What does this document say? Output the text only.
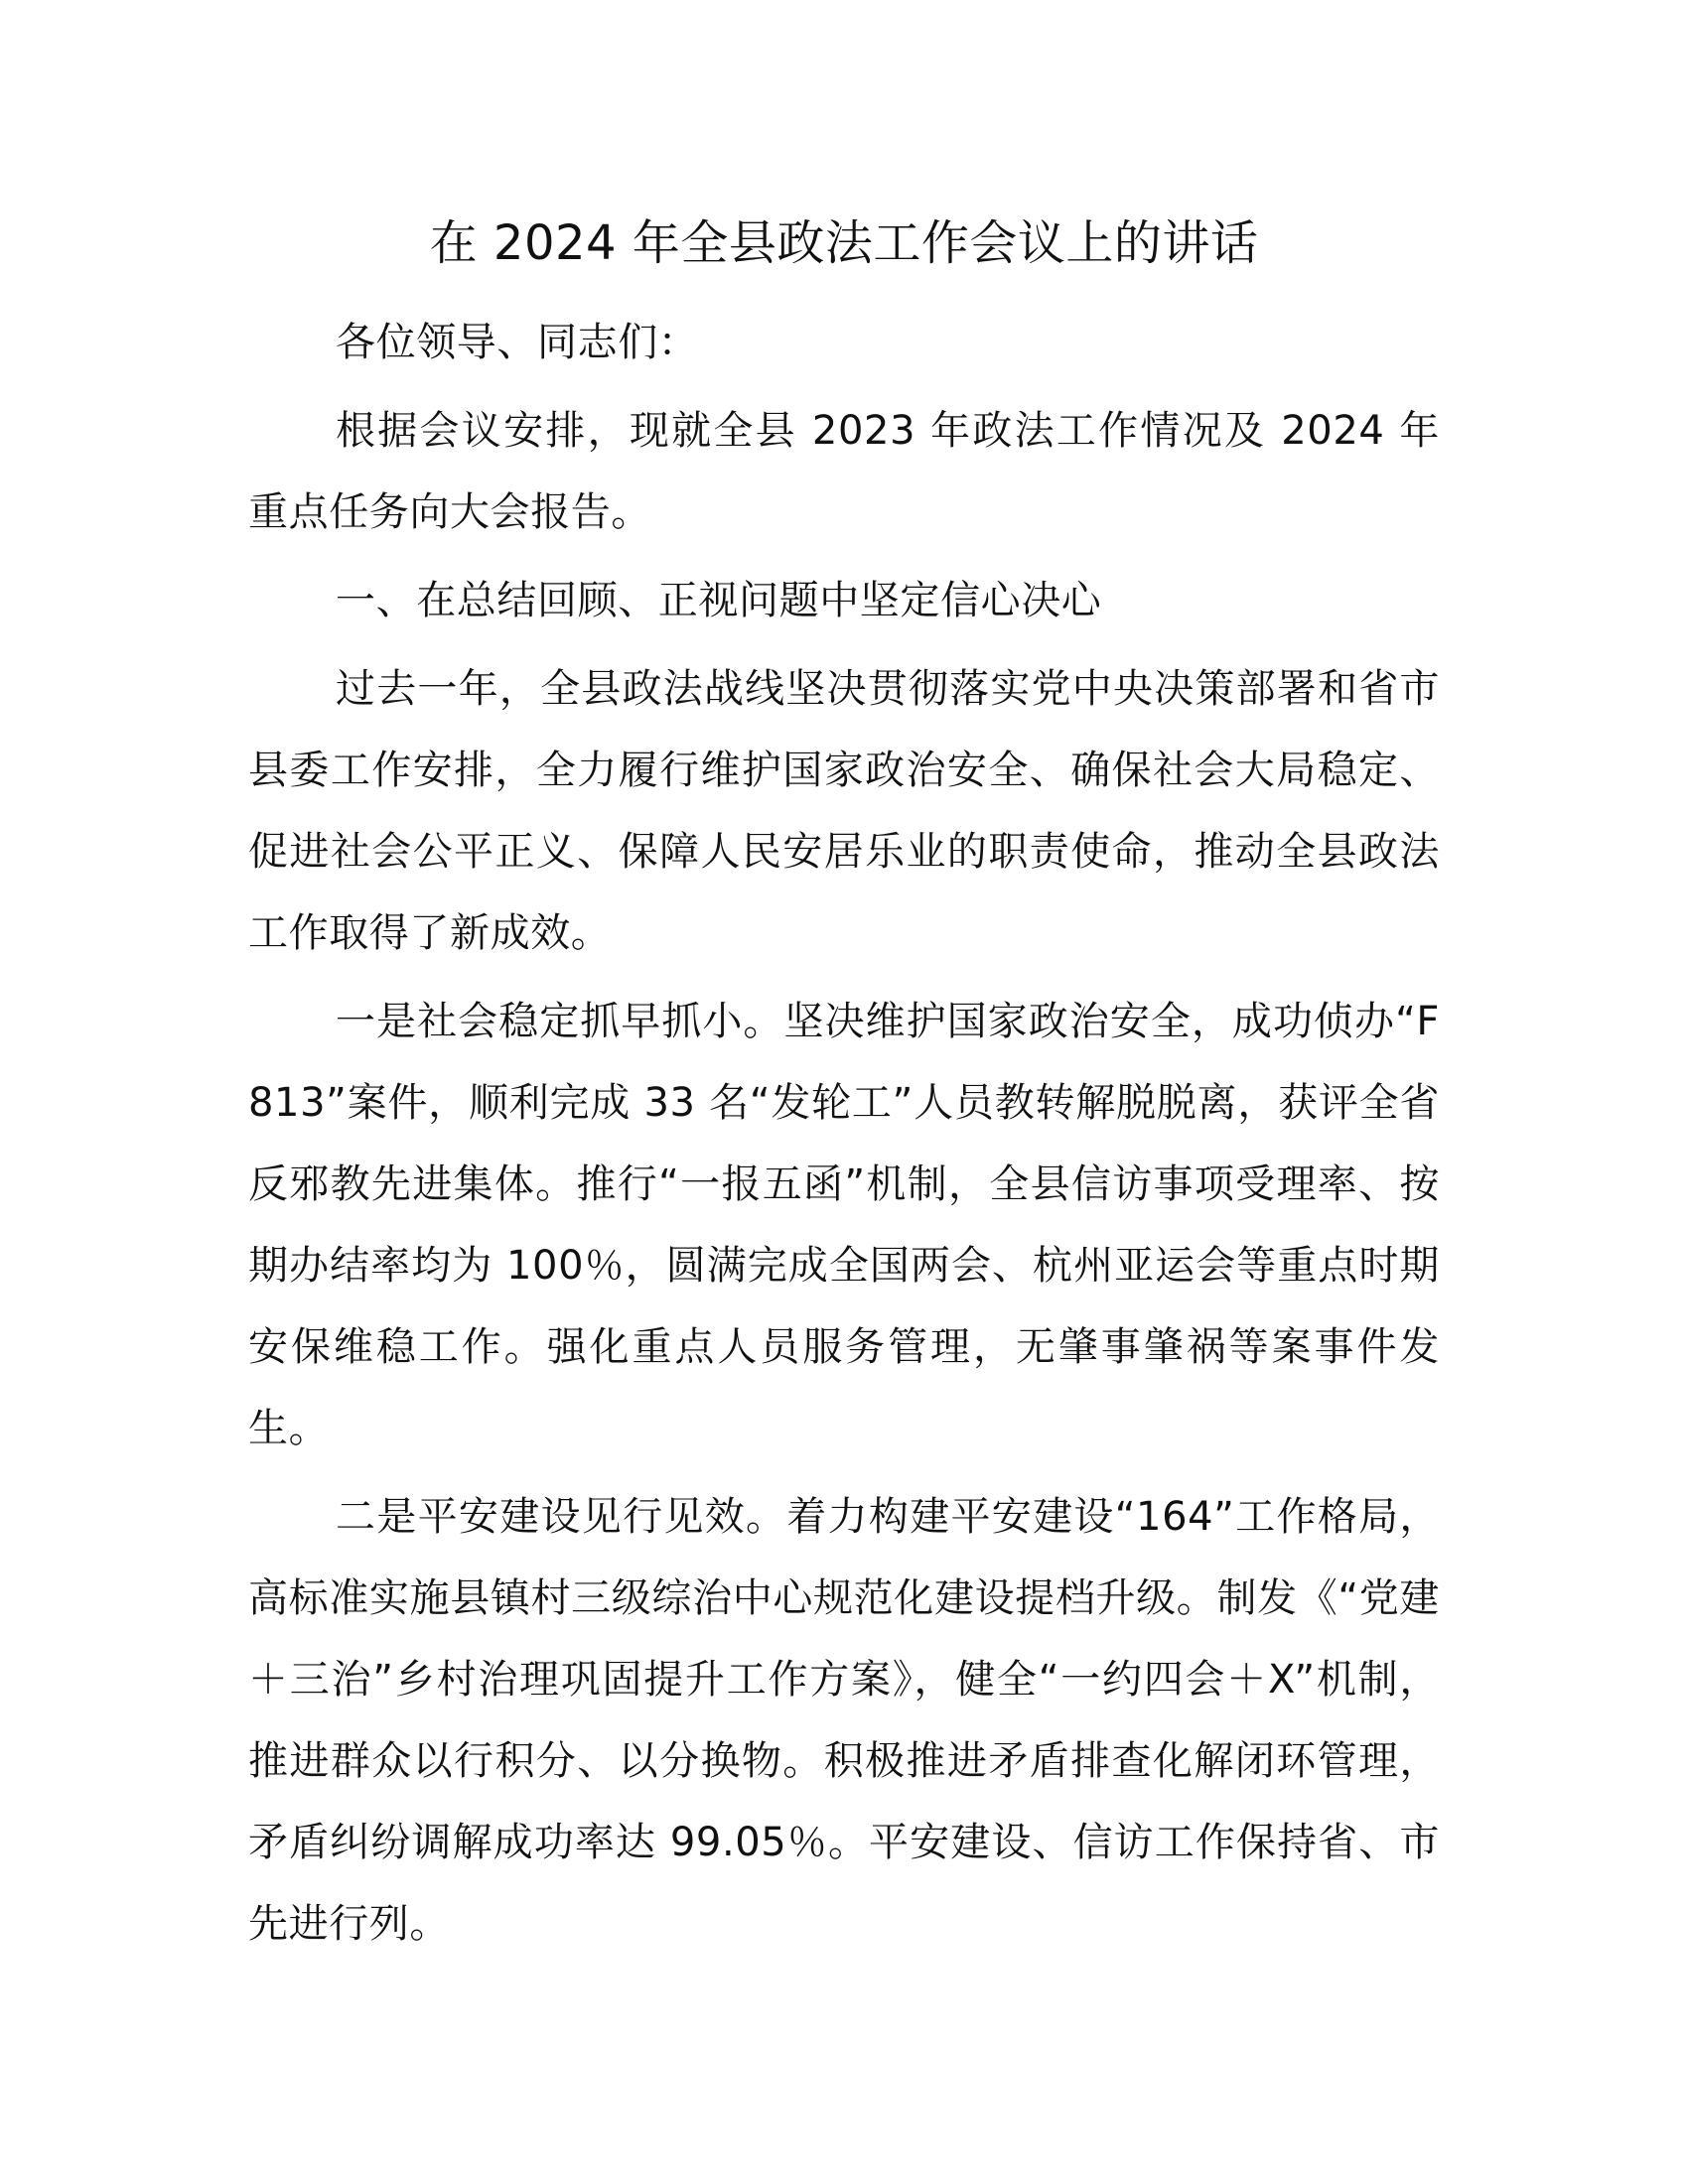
在 2024 年全县政法工作会议上的讲话

各位领导、同志们：

根据会议安排，现就全县 2023 年政法工作情况及 2024 年重点任务向大会报告。

一、在总结回顾、正视问题中坚定信心决心

过去一年，全县政法战线坚决贯彻落实党中央决策部署和省市县委工作安排，全力履行维护国家政治安全、确保社会大局稳定、促进社会公平正义、保障人民安居乐业的职责使命，推动全县政法工作取得了新成效。

一是社会稳定抓早抓小。坚决维护国家政治安全，成功侦办“F813”案件，顺利完成 33 名“发轮工”人员教转解脱脱离，获评全省反邪教先进集体。推行“一报五函”机制，全县信访事项受理率、按期办结率均为 100％，圆满完成全国两会、杭州亚运会等重点时期安保维稳工作。强化重点人员服务管理，无肇事肇祸等案事件发生。

二是平安建设见行见效。着力构建平安建设“164”工作格局，高标准实施县镇村三级综治中心规范化建设提档升级。制发《“党建＋三治”乡村治理巩固提升工作方案》，健全“一约四会＋X”机制，推进群众以行积分、以分换物。积极推进矛盾排查化解闭环管理，矛盾纠纷调解成功率达 99.05％。平安建设、信访工作保持省、市先进行列。
